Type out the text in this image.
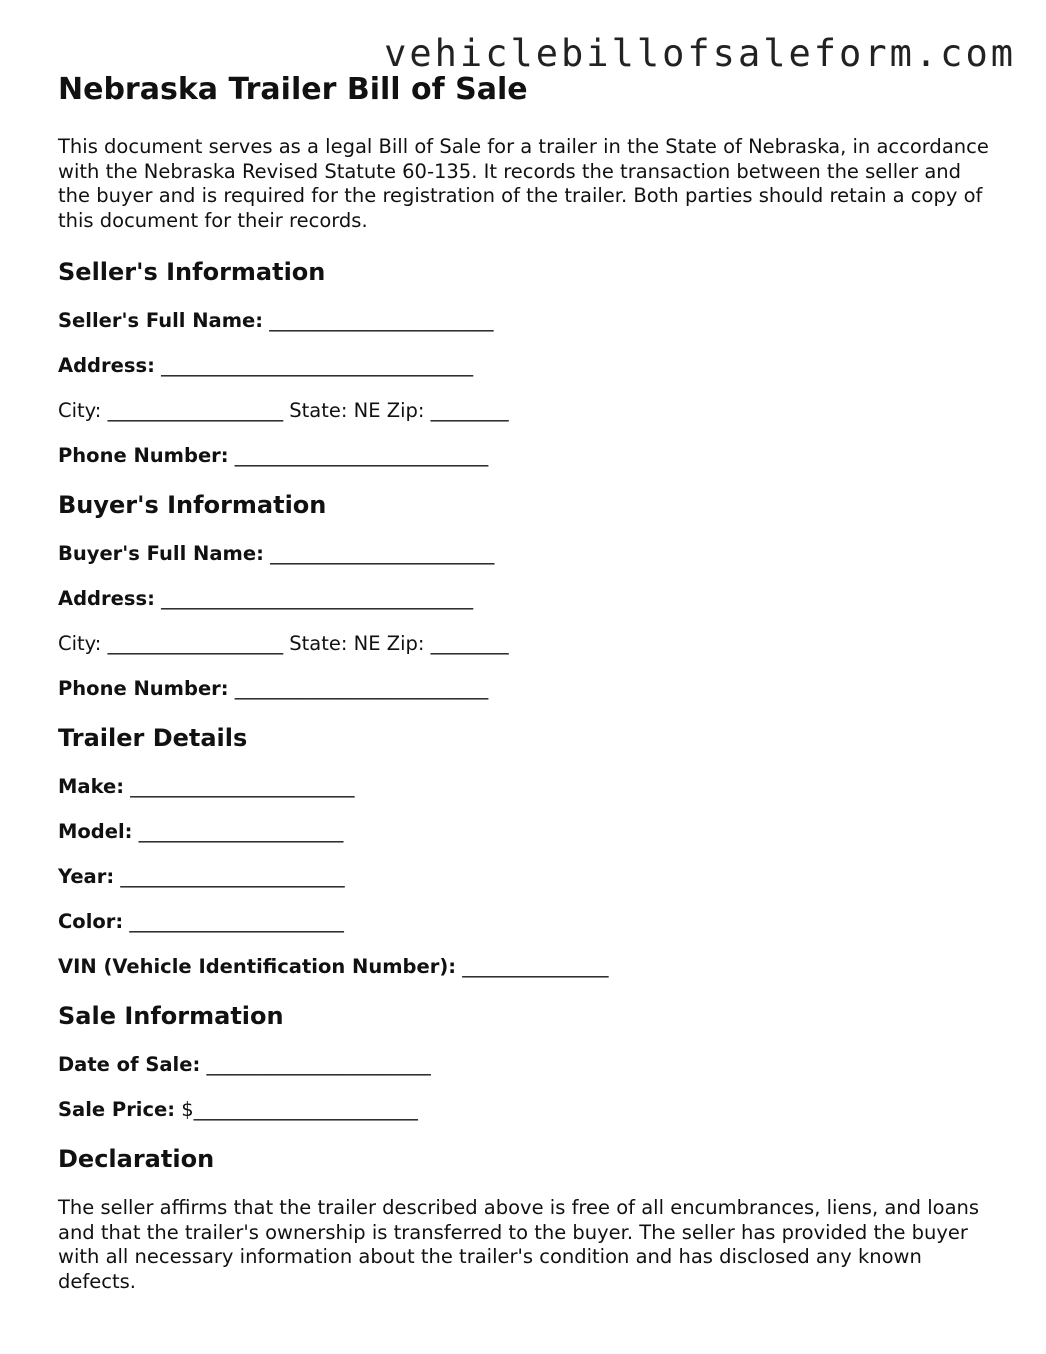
vehiclebillofsaleform.com
Nebraska Trailer Bill of Sale

This document serves as a legal Bill of Sale for a trailer in the State of Nebraska, in accordance with the Nebraska Revised Statute 60-135. It records the transaction between the seller and the buyer and is required for the registration of the trailer. Both parties should retain a copy of this document for their records.

Seller's Information

Seller's Full Name: _______________________

Address: ________________________________

City: __________________ State: NE Zip: ________

Phone Number: __________________________

Buyer's Information

Buyer's Full Name: _______________________

Address: ________________________________

City: __________________ State: NE Zip: ________

Phone Number: __________________________

Trailer Details

Make: _______________________

Model: _____________________

Year: _______________________

Color: ______________________

VIN (Vehicle Identification Number): _______________

Sale Information

Date of Sale: _______________________

Sale Price: $_______________________

Declaration

The seller affirms that the trailer described above is free of all encumbrances, liens, and loans and that the trailer's ownership is transferred to the buyer. The seller has provided the buyer with all necessary information about the trailer's condition and has disclosed any known defects.
